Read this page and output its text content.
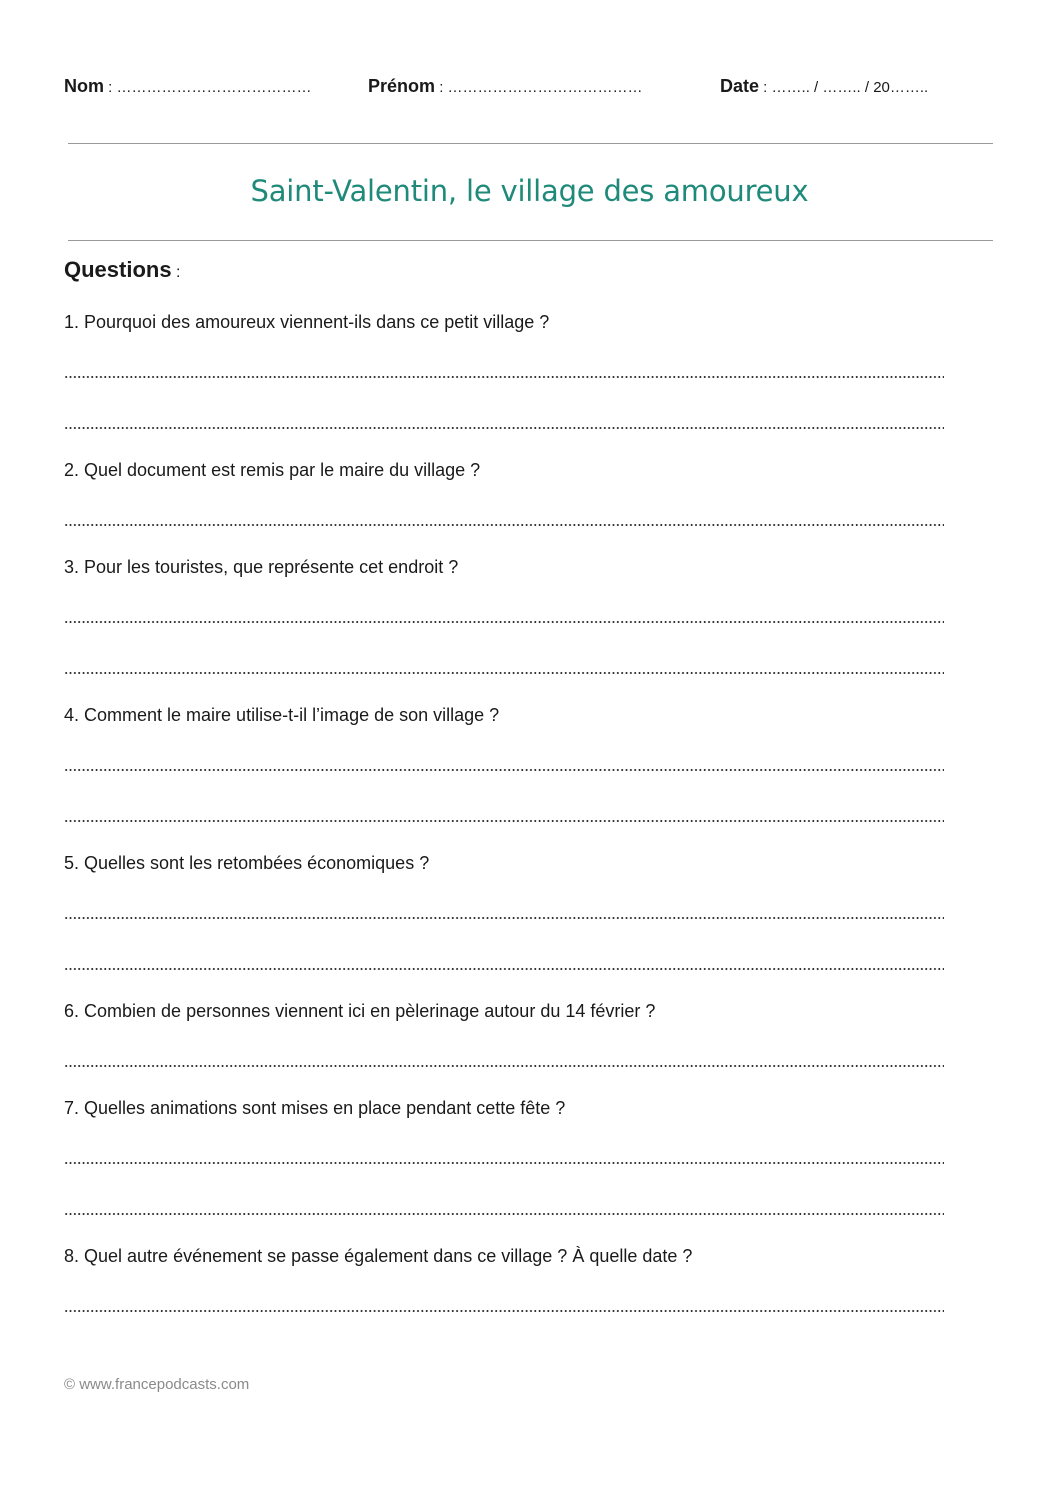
Nom : …………………………………	Prénom : …………………………………	Date : …….. / …….. / 20……..
Saint-Valentin, le village des amoureux
Questions :
1. Pourquoi des amoureux viennent-ils dans ce petit village ?
2. Quel document est remis par le maire du village ?
3. Pour les touristes, que représente cet endroit ?
4. Comment le maire utilise-t-il l’image de son village ?
5. Quelles sont les retombées économiques ?
6. Combien de personnes viennent ici en pèlerinage autour du 14 février ?
7. Quelles animations sont mises en place pendant cette fête ?
8. Quel autre événement se passe également dans ce village ? À quelle date ?
© www.francepodcasts.com
